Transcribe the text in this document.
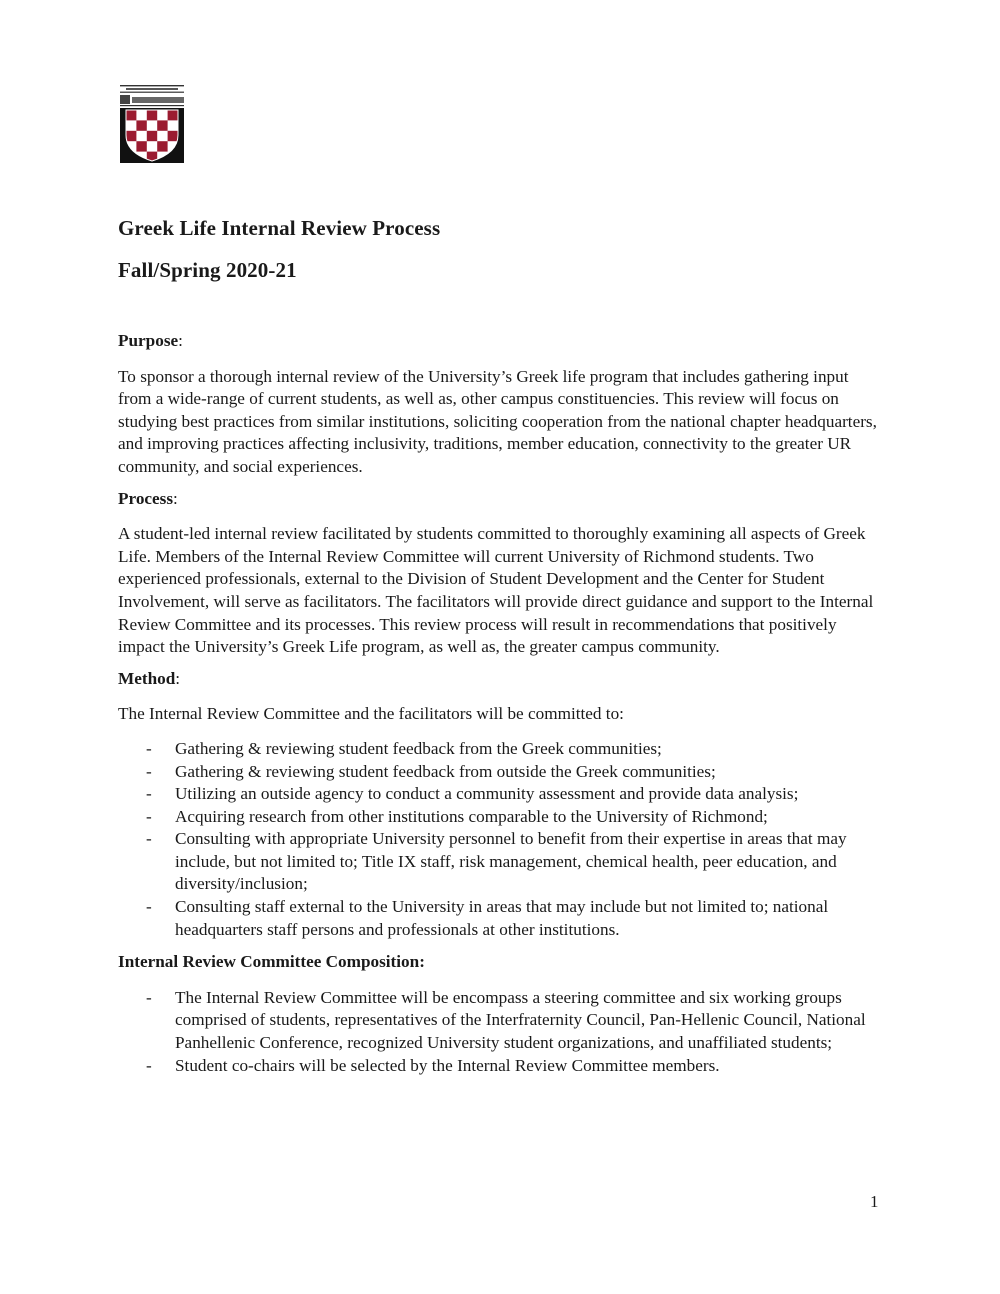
Greek Life Internal Review Process
Fall/Spring 2020-21
Purpose:

To sponsor a thorough internal review of the University’s Greek life program that includes gathering input from a wide-range of current students, as well as, other campus constituencies. This review will focus on studying best practices from similar institutions, soliciting cooperation from the national chapter headquarters, and improving practices affecting inclusivity, traditions, member education, connectivity to the greater UR community, and social experiences.

Process:

A student-led internal review facilitated by students committed to thoroughly examining all aspects of Greek Life. Members of the Internal Review Committee will current University of Richmond students. Two experienced professionals, external to the Division of Student Development and the Center for Student Involvement, will serve as facilitators. The facilitators will provide direct guidance and support to the Internal Review Committee and its processes. This review process will result in recommendations that positively impact the University’s Greek Life program, as well as, the greater campus community.

Method:

The Internal Review Committee and the facilitators will be committed to:

- Gathering & reviewing student feedback from the Greek communities;
- Gathering & reviewing student feedback from outside the Greek communities;
- Utilizing an outside agency to conduct a community assessment and provide data analysis;
- Acquiring research from other institutions comparable to the University of Richmond;
- Consulting with appropriate University personnel to benefit from their expertise in areas that may include, but not limited to; Title IX staff, risk management, chemical health, peer education, and diversity/inclusion;
- Consulting staff external to the University in areas that may include but not limited to; national headquarters staff persons and professionals at other institutions.
Internal Review Committee Composition:
- The Internal Review Committee will be encompass a steering committee and six working groups comprised of students, representatives of the Interfraternity Council, Pan-Hellenic Council, National Panhellenic Conference, recognized University student organizations, and unaffiliated students;
- Student co-chairs will be selected by the Internal Review Committee members.
1
